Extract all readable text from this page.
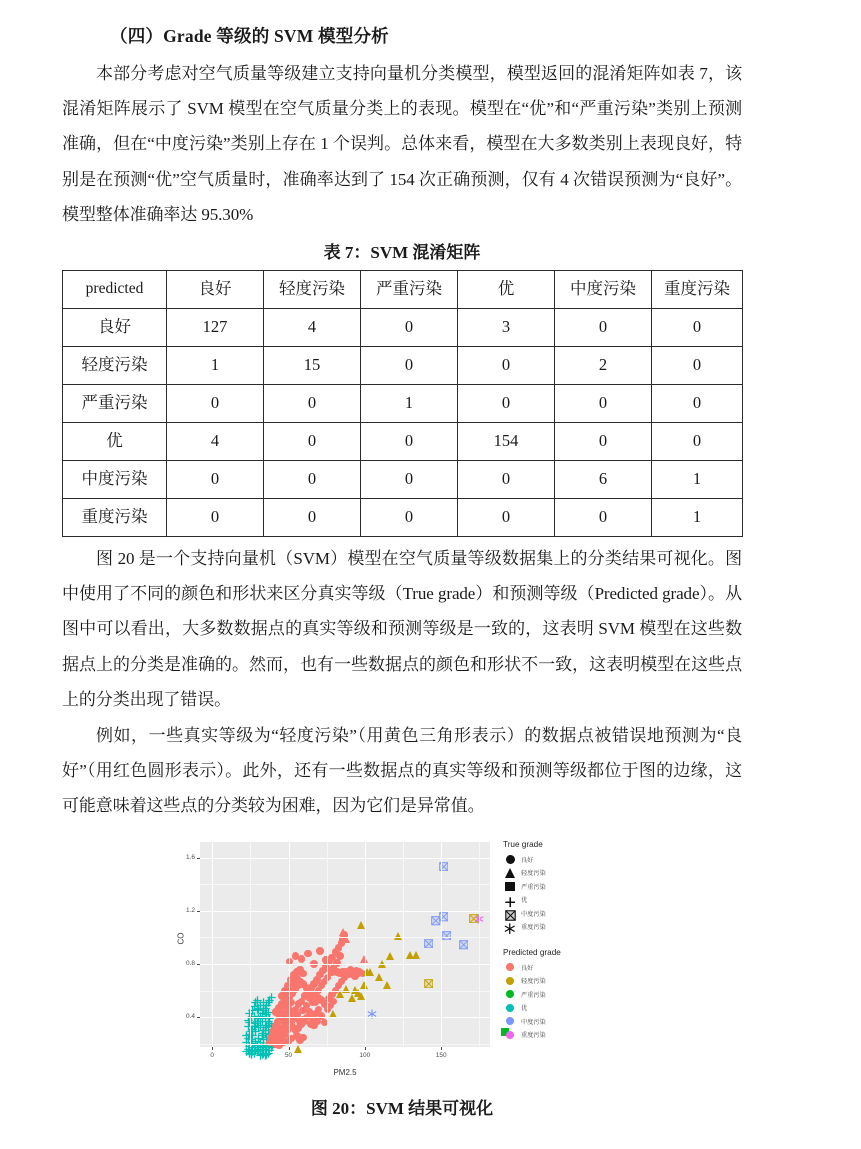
（四）Grade 等级的 SVM 模型分析

本部分考虑对空气质量等级建立支持向量机分类模型，模型返回的混淆矩阵如表 7，该混淆矩阵展示了 SVM 模型在空气质量分类上的表现。模型在“优”和“严重污染”类别上预测准确，但在“中度污染”类别上存在 1 个误判。总体来看，模型在大多数类别上表现良好，特别是在预测“优”空气质量时，准确率达到了 154 次正确预测，仅有 4 次错误预测为“良好”。模型整体准确率达 95.30%

表 7：SVM 混淆矩阵
predicted	良好	轻度污染	严重污染	优	中度污染	重度污染
良好	127	4	0	3	0	0
轻度污染	1	15	0	0	2	0
严重污染	0	0	1	0	0	0
优	4	0	0	154	0	0
中度污染	0	0	0	0	6	1
重度污染	0	0	0	0	0	1

图 20 是一个支持向量机（SVM）模型在空气质量等级数据集上的分类结果可视化。图中使用了不同的颜色和形状来区分真实等级（True grade）和预测等级（Predicted grade）。从图中可以看出，大多数数据点的真实等级和预测等级是一致的，这表明 SVM 模型在这些数据点上的分类是准确的。然而，也有一些数据点的颜色和形状不一致，这表明模型在这些点上的分类出现了错误。

例如，一些真实等级为“轻度污染”（用黄色三角形表示）的数据点被错误地预测为“良好”（用红色圆形表示）。此外，还有一些数据点的真实等级和预测等级都位于图的边缘，这可能意味着这些点的分类较为困难，因为它们是异常值。

PM2.5
CO
True grade
良好
轻度污染
严重污染
优
中度污染
重度污染
Predicted grade
良好
轻度污染
严重污染
优
中度污染
重度污染
0.4
0.8
1.2
1.6
0	50	100	150
图 20：SVM 结果可视化
